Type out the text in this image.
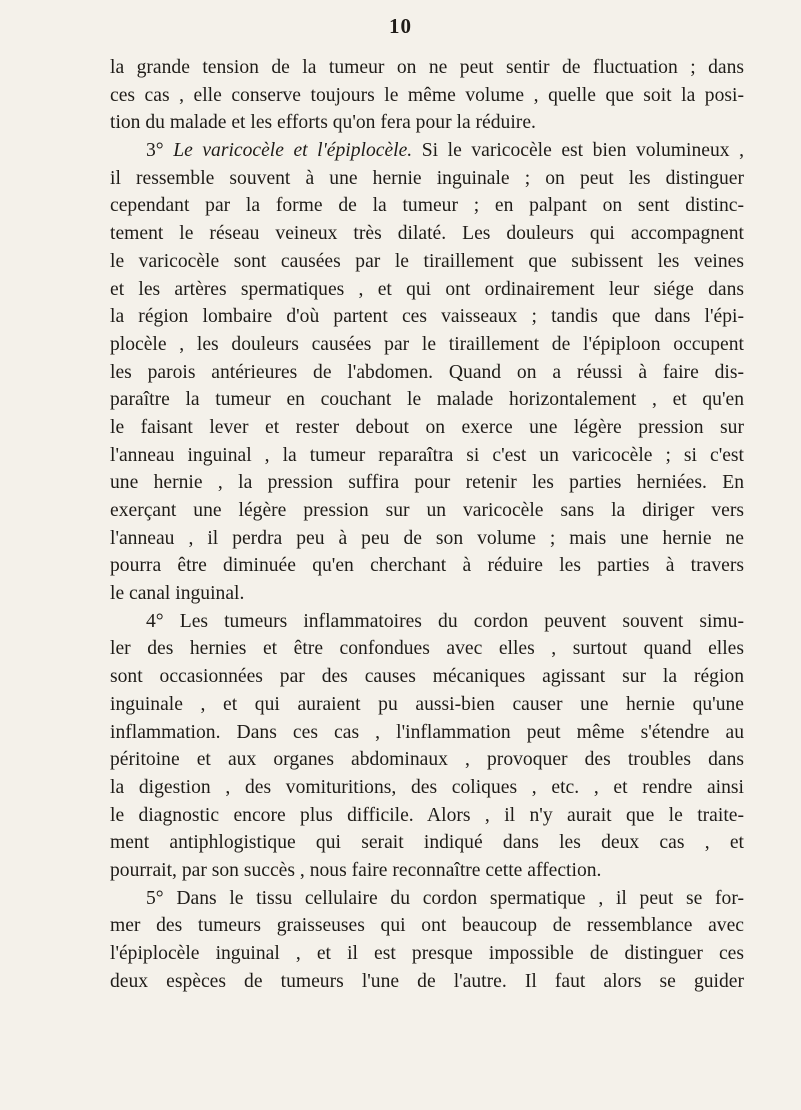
10
la grande tension de la tumeur on ne peut sentir de fluctuation ; dans
ces cas , elle conserve toujours le même volume , quelle que soit la posi-
tion du malade et les efforts qu'on fera pour la réduire.
3° Le varicocèle et l'épiplocèle. Si le varicocèle est bien volumineux ,
il ressemble souvent à une hernie inguinale ; on peut les distinguer
cependant par la forme de la tumeur ; en palpant on sent distinc-
tement le réseau veineux très dilaté. Les douleurs qui accompagnent
le varicocèle sont causées par le tiraillement que subissent les veines
et les artères spermatiques , et qui ont ordinairement leur siége dans
la région lombaire d'où partent ces vaisseaux ; tandis que dans l'épi-
plocèle , les douleurs causées par le tiraillement de l'épiploon occupent
les parois antérieures de l'abdomen. Quand on a réussi à faire dis-
paraître la tumeur en couchant le malade horizontalement , et qu'en
le faisant lever et rester debout on exerce une légère pression sur
l'anneau inguinal , la tumeur reparaîtra si c'est un varicocèle ; si c'est
une hernie , la pression suffira pour retenir les parties herniées. En
exerçant une légère pression sur un varicocèle sans la diriger vers
l'anneau , il perdra peu à peu de son volume ; mais une hernie ne
pourra être diminuée qu'en cherchant à réduire les parties à travers
le canal inguinal.
4° Les tumeurs inflammatoires du cordon peuvent souvent simu-
ler des hernies et être confondues avec elles , surtout quand elles
sont occasionnées par des causes mécaniques agissant sur la région
inguinale , et qui auraient pu aussi-bien causer une hernie qu'une
inflammation. Dans ces cas , l'inflammation peut même s'étendre au
péritoine et aux organes abdominaux , provoquer des troubles dans
la digestion , des vomituritions, des coliques , etc. , et rendre ainsi
le diagnostic encore plus difficile. Alors , il n'y aurait que le traite-
ment antiphlogistique qui serait indiqué dans les deux cas , et
pourrait, par son succès , nous faire reconnaître cette affection.
5° Dans le tissu cellulaire du cordon spermatique , il peut se for-
mer des tumeurs graisseuses qui ont beaucoup de ressemblance avec
l'épiplocèle inguinal , et il est presque impossible de distinguer ces
deux espèces de tumeurs l'une de l'autre. Il faut alors se guider
